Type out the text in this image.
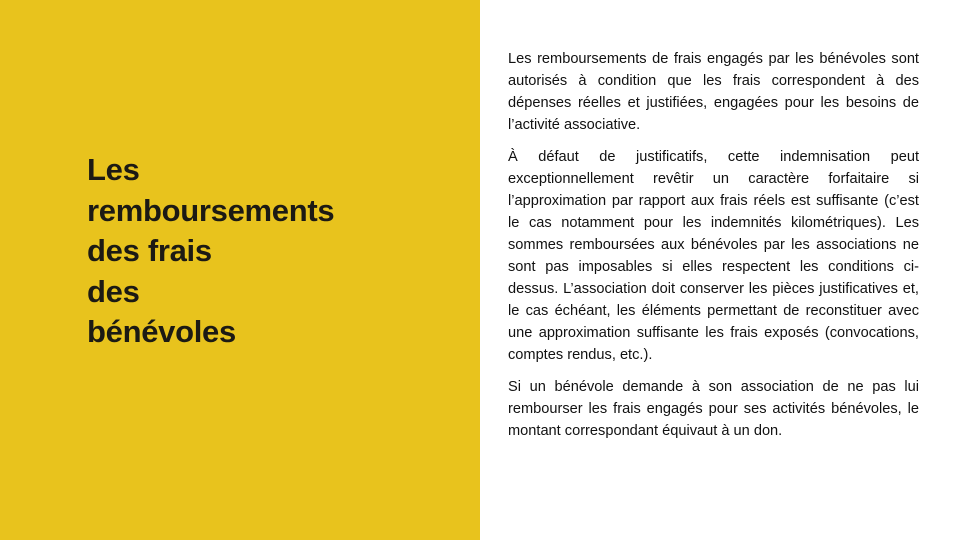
Les
remboursements
des frais
des
bénévoles

Les remboursements de frais engagés par les bénévoles sont autorisés à condition que les frais correspondent à des dépenses réelles et justifiées, engagées pour les besoins de l’activité associative.

À défaut de justificatifs, cette indemnisation peut exceptionnellement revêtir un caractère forfaitaire si l’approximation par rapport aux frais réels est suffisante (c’est le cas notamment pour les indemnités kilométriques). Les sommes remboursées aux bénévoles par les associations ne sont pas imposables si elles respectent les conditions ci-dessus. L’association doit conserver les pièces justificatives et, le cas échéant, les éléments permettant de reconstituer avec une approximation suffisante les frais exposés (convocations, comptes rendus, etc.).

Si un bénévole demande à son association de ne pas lui rembourser les frais engagés pour ses activités bénévoles, le montant correspondant équivaut à un don.
